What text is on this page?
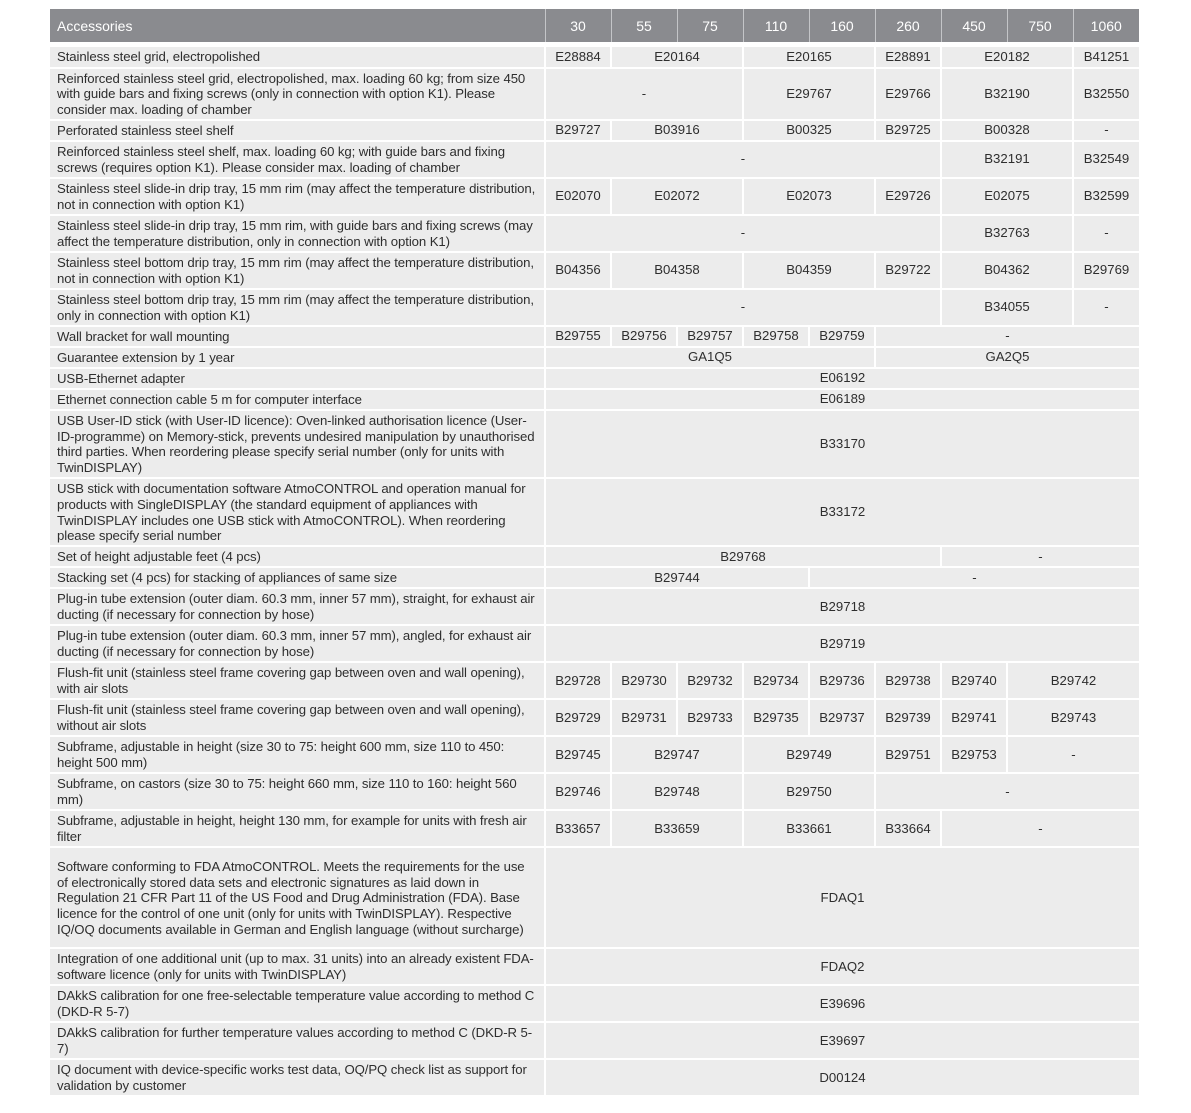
Accessories	30	55	75	110	160	260	450	750	1060

Stainless steel grid, electropolished	E28884	E20164		E20165		E28891	E20182		B41251
Reinforced stainless steel grid, electropolished, max. loading 60 kg; from size 450 with guide bars and fixing screws (only in connection with option K1). Please consider max. loading of chamber	-			E29767		E29766	B32190		B32550
Perforated stainless steel shelf	B29727	B03916		B00325		B29725	B00328		-
Reinforced stainless steel shelf, max. loading 60 kg; with guide bars and fixing screws (requires option K1). Please consider max. loading of chamber	-						B32191		B32549
Stainless steel slide-in drip tray, 15 mm rim (may affect the temperature distribution, not in connection with option K1)	E02070	E02072		E02073		E29726	E02075		B32599
Stainless steel slide-in drip tray, 15 mm rim, with guide bars and fixing screws (may affect the temperature distribution, only in connection with option K1)	-						B32763		-
Stainless steel bottom drip tray, 15 mm rim (may affect the temperature distribution, not in connection with option K1)	B04356	B04358		B04359		B29722	B04362		B29769
Stainless steel bottom drip tray, 15 mm rim (may affect the temperature distribution, only in connection with option K1)	-						B34055		-
Wall bracket for wall mounting	B29755	B29756	B29757	B29758	B29759	-			
Guarantee extension by 1 year	GA1Q5					GA2Q5			
USB-Ethernet adapter	E06192								
Ethernet connection cable 5 m for computer interface	E06189								
USB User-ID stick (with User-ID licence): Oven-linked authorisation licence (User-ID-programme) on Memory-stick, prevents undesired manipulation by unauthorised third parties. When reordering please specify serial number (only for units with TwinDISPLAY)	B33170								
USB stick with documentation software AtmoCONTROL and operation manual for products with SingleDISPLAY (the standard equipment of appliances with TwinDISPLAY includes one USB stick with AtmoCONTROL). When reordering please specify serial number	B33172								
Set of height adjustable feet (4 pcs)	B29768						-		
Stacking set (4 pcs) for stacking of appliances of same size	B29744				-				
Plug-in tube extension (outer diam. 60.3 mm, inner 57 mm), straight, for exhaust air ducting (if necessary for connection by hose)	B29718								
Plug-in tube extension (outer diam. 60.3 mm, inner 57 mm), angled, for exhaust air ducting (if necessary for connection by hose)	B29719								
Flush-fit unit (stainless steel frame covering gap between oven and wall opening), with air slots	B29728	B29730	B29732	B29734	B29736	B29738	B29740	B29742	
Flush-fit unit (stainless steel frame covering gap between oven and wall opening), without air slots	B29729	B29731	B29733	B29735	B29737	B29739	B29741	B29743	
Subframe, adjustable in height (size 30 to 75: height 600 mm, size 110 to 450: height 500 mm)	B29745	B29747		B29749		B29751	B29753	-	
Subframe, on castors (size 30 to 75: height 660 mm, size 110 to 160: height 560 mm)	B29746	B29748		B29750		-			
Subframe, adjustable in height, height 130 mm, for example for units with fresh air filter	B33657	B33659		B33661		B33664	-		
Software conforming to FDA AtmoCONTROL. Meets the requirements for the use of electronically stored data sets and electronic signatures as laid down in Regulation 21 CFR Part 11 of the US Food and Drug Administration (FDA). Base licence for the control of one unit (only for units with TwinDISPLAY). Respective IQ/OQ documents available in German and English language (without surcharge)	FDAQ1								
Integration of one additional unit (up to max. 31 units) into an already existent FDA-software licence (only for units with TwinDISPLAY)	FDAQ2								
DAkkS calibration for one free-selectable temperature value according to method C (DKD-R 5-7)	E39696								
DAkkS calibration for further temperature values according to method C (DKD-R 5-7)	E39697								
IQ document with device-specific works test data, OQ/PQ check list as support for validation by customer	D00124								
